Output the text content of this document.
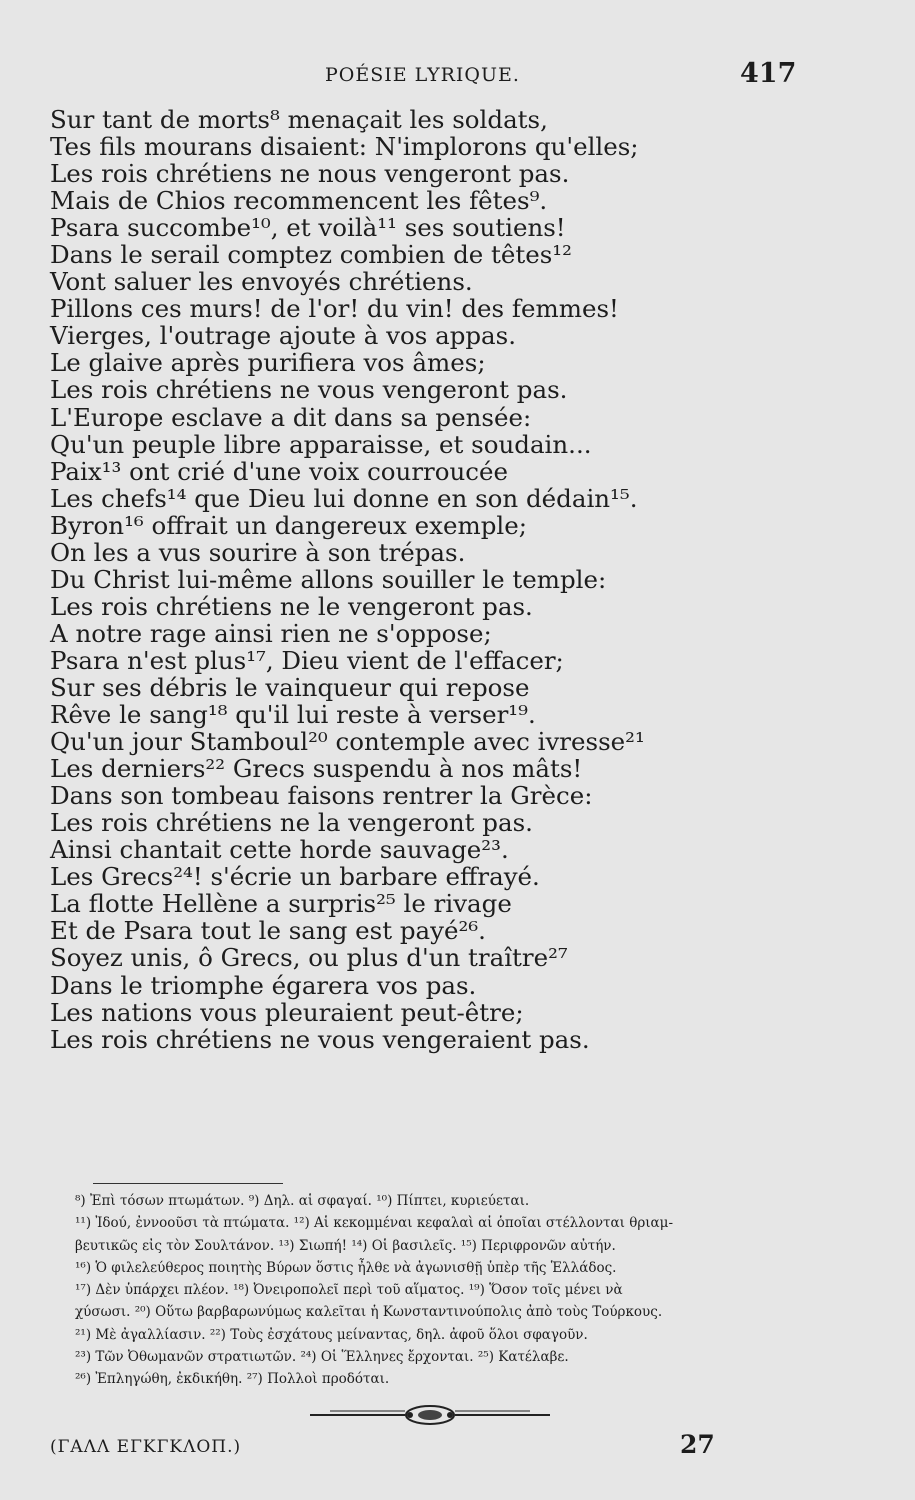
POÉSIE LYRIQUE.	417
Sur tant de morts⁸ menaçait les soldats,
Tes fils mourans disaient: N'implorons qu'elles;
Les rois chrétiens ne nous vengeront pas.
Mais de Chios recommencent les fêtes⁹.
Psara succombe¹⁰, et voilà¹¹ ses soutiens!
Dans le serail comptez combien de têtes¹²
Vont saluer les envoyés chrétiens.
Pillons ces murs! de l'or! du vin! des femmes!
Vierges, l'outrage ajoute à vos appas.
Le glaive après purifiera vos âmes;
Les rois chrétiens ne vous vengeront pas.
L'Europe esclave a dit dans sa pensée:
Qu'un peuple libre apparaisse, et soudain...
Paix¹³ ont crié d'une voix courroucée
Les chefs¹⁴ que Dieu lui donne en son dédain¹⁵.
Byron¹⁶ offrait un dangereux exemple;
On les a vus sourire à son trépas.
Du Christ lui-même allons souiller le temple:
Les rois chrétiens ne le vengeront pas.
A notre rage ainsi rien ne s'oppose;
Psara n'est plus¹⁷, Dieu vient de l'effacer;
Sur ses débris le vainqueur qui repose
Rêve le sang¹⁸ qu'il lui reste à verser¹⁹.
Qu'un jour Stamboul²⁰ contemple avec ivresse²¹
Les derniers²² Grecs suspendu à nos mâts!
Dans son tombeau faisons rentrer la Grèce:
Les rois chrétiens ne la vengeront pas.
Ainsi chantait cette horde sauvage²³.
Les Grecs²⁴! s'écrie un barbare effrayé.
La flotte Hellène a surpris²⁵ le rivage
Et de Psara tout le sang est payé²⁶.
Soyez unis, ô Grecs, ou plus d'un traître²⁷
Dans le triomphe égarera vos pas.
Les nations vous pleuraient peut-être;
Les rois chrétiens ne vous vengeraient pas.
⁸) Ἐπὶ τόσων πτωμάτων. ⁹) Δηλ. αἱ σφαγαί. ¹⁰) Πίπτει, κυριεύεται.
¹¹) Ἰδού, ἐννοοῦσι τὰ πτώματα. ¹²) Αἱ κεκομμέναι κεφαλαὶ αἱ ὁποῖαι στέλλονται θριαμ-
βευτικῶς εἰς τὸν Σουλτάνον. ¹³) Σιωπή! ¹⁴) Οἱ βασιλεῖς. ¹⁵) Περιφρονῶν αὐτήν.
¹⁶) Ὁ φιλελεύθερος ποιητὴς Βύρων ὅστις ἦλθε νὰ ἀγωνισθῇ ὑπὲρ τῆς Ἑλλάδος.
¹⁷) Δὲν ὑπάρχει πλέον. ¹⁸) Ὀνειροπολεῖ περὶ τοῦ αἵματος. ¹⁹) Ὅσον τοῖς μένει νὰ
χύσωσι. ²⁰) Οὕτω βαρβαρωνύμως καλεῖται ἡ Κωνσταντινούπολις ἀπὸ τοὺς Τούρκους.
²¹) Μὲ ἀγαλλίασιν. ²²) Τοὺς ἐσχάτους μείναντας, δηλ. ἀφοῦ ὅλοι σφαγοῦν.
²³) Τῶν Ὀθωμανῶν στρατιωτῶν. ²⁴) Οἱ Ἕλληνες ἔρχονται. ²⁵) Κατέλαβε.
²⁶) Ἐπληγώθη, ἐκδικήθη. ²⁷) Πολλοὶ προδόται.
(ΓΑΛΛ ΕΓΚΓΚΛΟΠ.)	27
